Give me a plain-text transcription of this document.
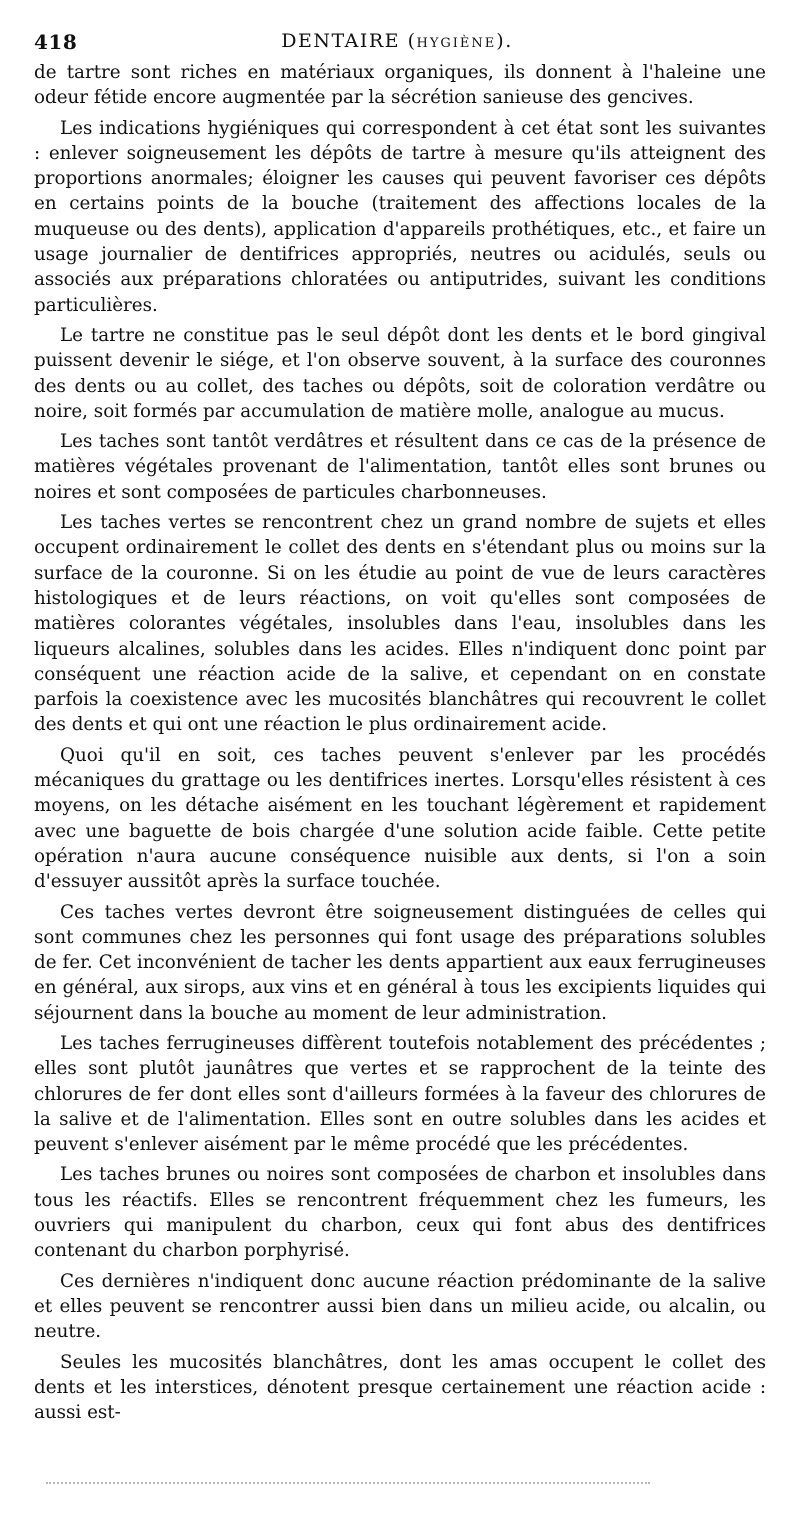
418	DENTAIRE (HYGIÈNE).

de tartre sont riches en matériaux organiques, ils donnent à l'haleine une odeur fétide encore augmentée par la sécrétion sanieuse des gencives.

Les indications hygiéniques qui correspondent à cet état sont les suivantes : enlever soigneusement les dépôts de tartre à mesure qu'ils atteignent des proportions anormales; éloigner les causes qui peuvent favoriser ces dépôts en certains points de la bouche (traitement des affections locales de la muqueuse ou des dents), application d'appareils prothétiques, etc., et faire un usage journalier de dentifrices appropriés, neutres ou acidulés, seuls ou associés aux préparations chloratées ou antiputrides, suivant les conditions particulières.

Le tartre ne constitue pas le seul dépôt dont les dents et le bord gingival puissent devenir le siége, et l'on observe souvent, à la surface des couronnes des dents ou au collet, des taches ou dépôts, soit de coloration verdâtre ou noire, soit formés par accumulation de matière molle, analogue au mucus.

Les taches sont tantôt verdâtres et résultent dans ce cas de la présence de matières végétales provenant de l'alimentation, tantôt elles sont brunes ou noires et sont composées de particules charbonneuses.

Les taches vertes se rencontrent chez un grand nombre de sujets et elles occupent ordinairement le collet des dents en s'étendant plus ou moins sur la surface de la couronne. Si on les étudie au point de vue de leurs caractères histologiques et de leurs réactions, on voit qu'elles sont composées de matières colorantes végétales, insolubles dans l'eau, insolubles dans les liqueurs alcalines, solubles dans les acides. Elles n'indiquent donc point par conséquent une réaction acide de la salive, et cependant on en constate parfois la coexistence avec les mucosités blanchâtres qui recouvrent le collet des dents et qui ont une réaction le plus ordinairement acide.

Quoi qu'il en soit, ces taches peuvent s'enlever par les procédés mécaniques du grattage ou les dentifrices inertes. Lorsqu'elles résistent à ces moyens, on les détache aisément en les touchant légèrement et rapidement avec une baguette de bois chargée d'une solution acide faible. Cette petite opération n'aura aucune conséquence nuisible aux dents, si l'on a soin d'essuyer aussitôt après la surface touchée.

Ces taches vertes devront être soigneusement distinguées de celles qui sont communes chez les personnes qui font usage des préparations solubles de fer. Cet inconvénient de tacher les dents appartient aux eaux ferrugineuses en général, aux sirops, aux vins et en général à tous les excipients liquides qui séjournent dans la bouche au moment de leur administration.

Les taches ferrugineuses diffèrent toutefois notablement des précédentes ; elles sont plutôt jaunâtres que vertes et se rapprochent de la teinte des chlorures de fer dont elles sont d'ailleurs formées à la faveur des chlorures de la salive et de l'alimentation. Elles sont en outre solubles dans les acides et peuvent s'enlever aisément par le même procédé que les précédentes.

Les taches brunes ou noires sont composées de charbon et insolubles dans tous les réactifs. Elles se rencontrent fréquemment chez les fumeurs, les ouvriers qui manipulent du charbon, ceux qui font abus des dentifrices contenant du charbon porphyrisé.

Ces dernières n'indiquent donc aucune réaction prédominante de la salive et elles peuvent se rencontrer aussi bien dans un milieu acide, ou alcalin, ou neutre.

Seules les mucosités blanchâtres, dont les amas occupent le collet des dents et les interstices, dénotent presque certainement une réaction acide : aussi est-
